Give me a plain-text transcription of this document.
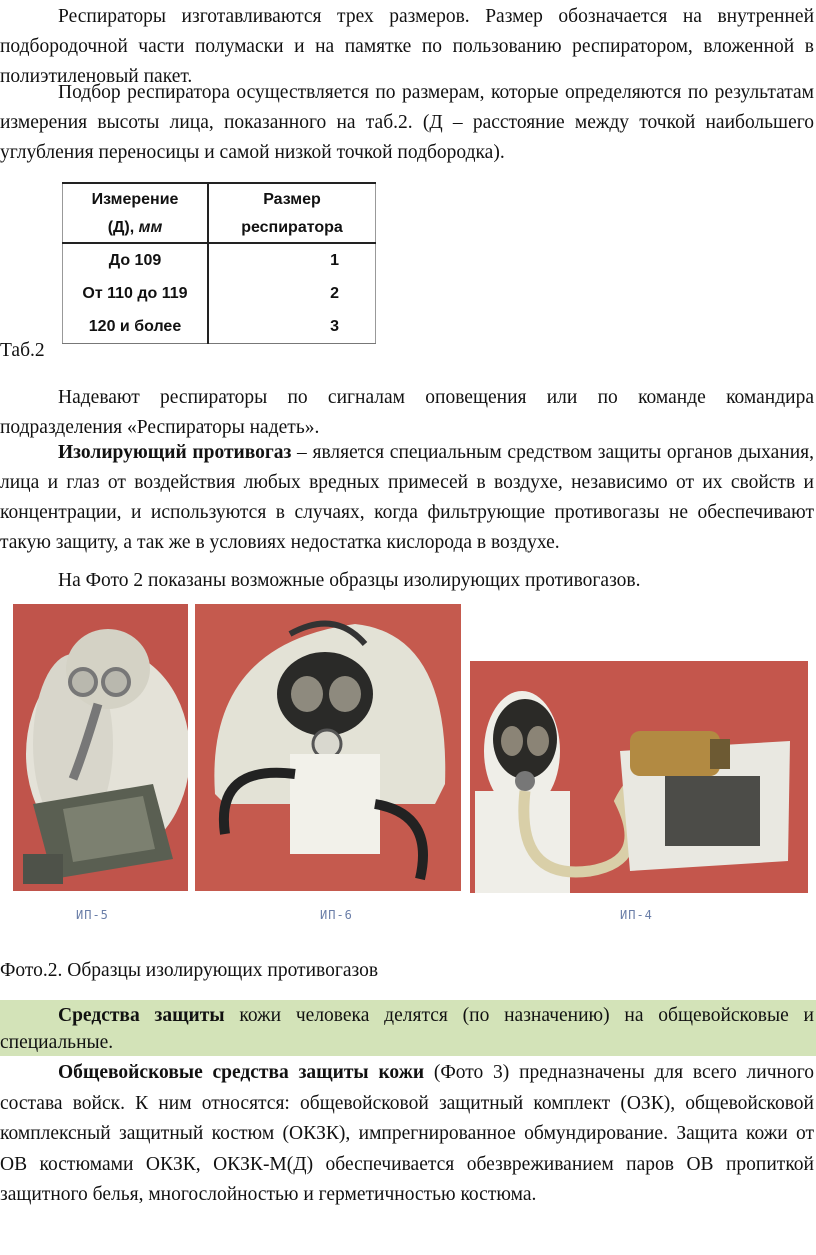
Респираторы изготавливаются трех размеров. Размер обозначается на внутренней подбородочной части полумаски и на памятке по пользованию респиратором, вложенной в полиэтиленовый пакет.

Подбор респиратора осуществляется по размерам, которые определяются по результатам измерения высоты лица, показанного на таб.2. (Д – расстояние между точкой наибольшего углубления переносицы и самой низкой точкой подбородка).

Измерение	Размер
(Д), мм	респиратора
До 109	1
От 110 до 119	2
120 и более	3
Таб.2

Надевают респираторы по сигналам оповещения или по команде командира подразделения «Респираторы надеть».

Изолирующий противогаз – является специальным средством защиты органов дыхания, лица и глаз от воздействия любых вредных примесей в воздухе, независимо от их свойств и концентрации, и используются в случаях, когда фильтрующие противогазы не обеспечивают такую защиту, а так же в условиях недостатка кислорода в воздухе.

На Фото 2 показаны возможные образцы изолирующих противогазов.

ИП-5	ИП-6	ИП-4
Фото.2. Образцы изолирующих противогазов

Средства защиты кожи человека делятся (по назначению) на общевойсковые и специальные.

Общевойсковые средства защиты кожи (Фото 3) предназначены для всего личного состава войск. К ним относятся: общевойсковой защитный комплект (ОЗК), общевойсковой комплексный защитный костюм (ОКЗК), импрегнированное обмундирование. Защита кожи от ОВ костюмами ОКЗК, ОКЗК-М(Д) обеспечивается обезвреживанием паров ОВ пропиткой защитного белья, многослойностью и герметичностью костюма.
